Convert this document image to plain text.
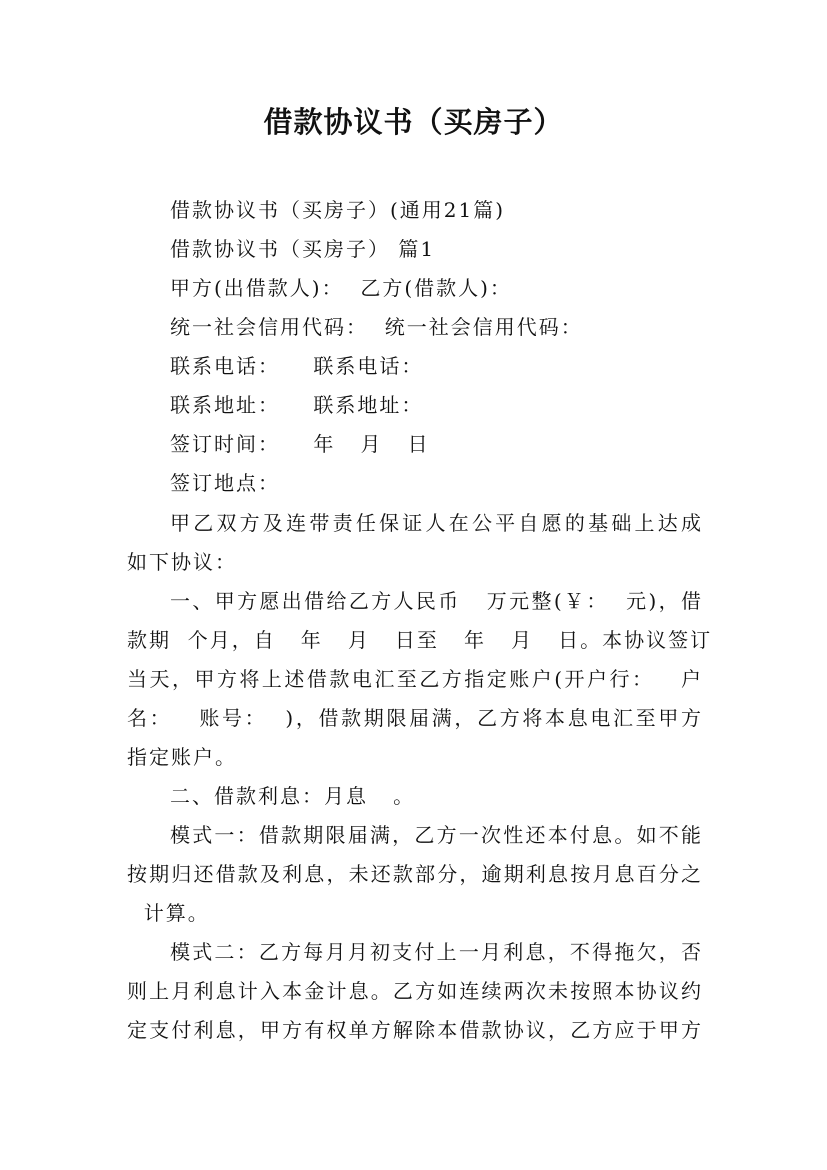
借款协议书（买房子）
借款协议书（买房子）(通用21篇)
借款协议书（买房子） 篇1
甲方(出借款人)：  乙方(借款人)：
统一社会信用代码：  统一社会信用代码：
联系电话：    联系电话：
联系地址：    联系地址：
签订时间：    年   月   日
签订地点：
甲乙双方及连带责任保证人在公平自愿的基础上达成
如下协议：
一、甲方愿出借给乙方人民币   万元整(￥：  元)，借
款期  个月，自   年   月   日至   年   月   日。本协议签订
当天，甲方将上述借款电汇至乙方指定账户(开户行：   户
名：   账号：  )，借款期限届满，乙方将本息电汇至甲方
指定账户。
二、借款利息：月息   。
模式一：借款期限届满，乙方一次性还本付息。如不能
按期归还借款及利息，未还款部分，逾期利息按月息百分之
计算。
模式二：乙方每月月初支付上一月利息，不得拖欠，否
则上月利息计入本金计息。乙方如连续两次未按照本协议约
定支付利息，甲方有权单方解除本借款协议，乙方应于甲方
